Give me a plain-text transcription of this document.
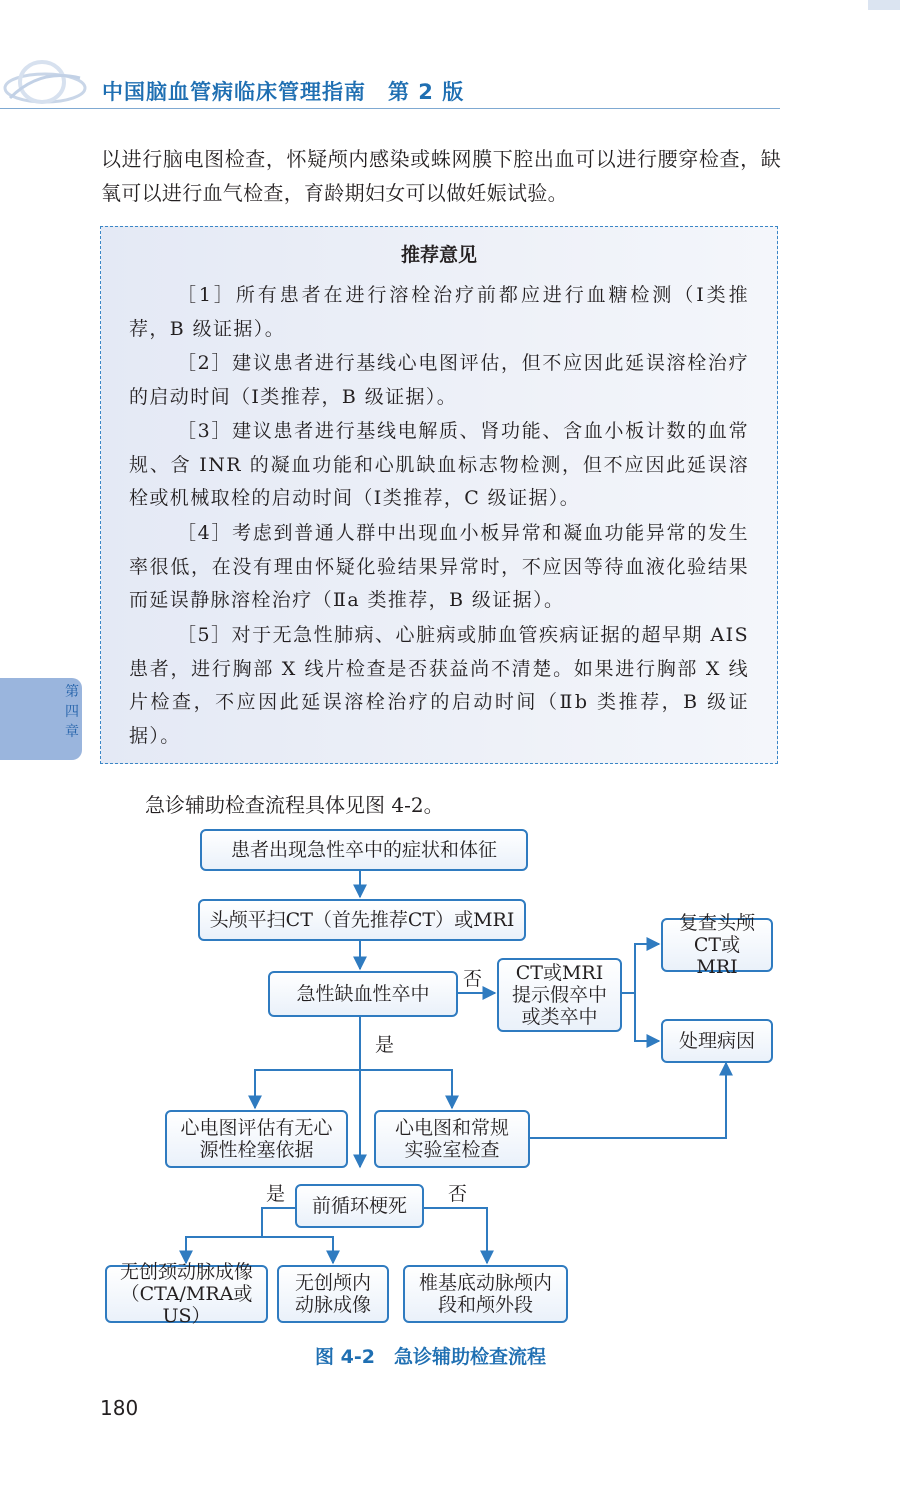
中国脑血管病临床管理指南　第 2 版

以进行脑电图检查，怀疑颅内感染或蛛网膜下腔出血可以进行腰穿检查，缺氧可以进行血气检查，育龄期妇女可以做妊娠试验。

推荐意见

［1］所有患者在进行溶栓治疗前都应进行血糖检测（Ⅰ类推荐，B 级证据）。

［2］建议患者进行基线心电图评估，但不应因此延误溶栓治疗的启动时间（Ⅰ类推荐，B 级证据）。

［3］建议患者进行基线电解质、肾功能、含血小板计数的血常规、含 INR 的凝血功能和心肌缺血标志物检测，但不应因此延误溶栓或机械取栓的启动时间（Ⅰ类推荐，C 级证据）。

［4］考虑到普通人群中出现血小板异常和凝血功能异常的发生率很低，在没有理由怀疑化验结果异常时，不应因等待血液化验结果而延误静脉溶栓治疗（Ⅱa 类推荐，B 级证据）。

［5］对于无急性肺病、心脏病或肺血管疾病证据的超早期 AIS 患者，进行胸部 X 线片检查是否获益尚不清楚。如果进行胸部 X 线片检查，不应因此延误溶栓治疗的启动时间（Ⅱb 类推荐，B 级证据）。

第四章
急诊辅助检查流程具体见图 4-2。
患者出现急性卒中的症状和体征
头颅平扫CT（首先推荐CT）或MRI
急性缺血性卒中
CT或MRI提示假卒中或类卒中
复查头颅CT或MRI
处理病因
心电图评估有无心源性栓塞依据
心电图和常规实验室检查
前循环梗死
无创颈动脉成像（CTA/MRA或US）
无创颅内动脉成像
椎基底动脉颅内段和颅外段
否
是
是	否
图 4-2　急诊辅助检查流程
180
